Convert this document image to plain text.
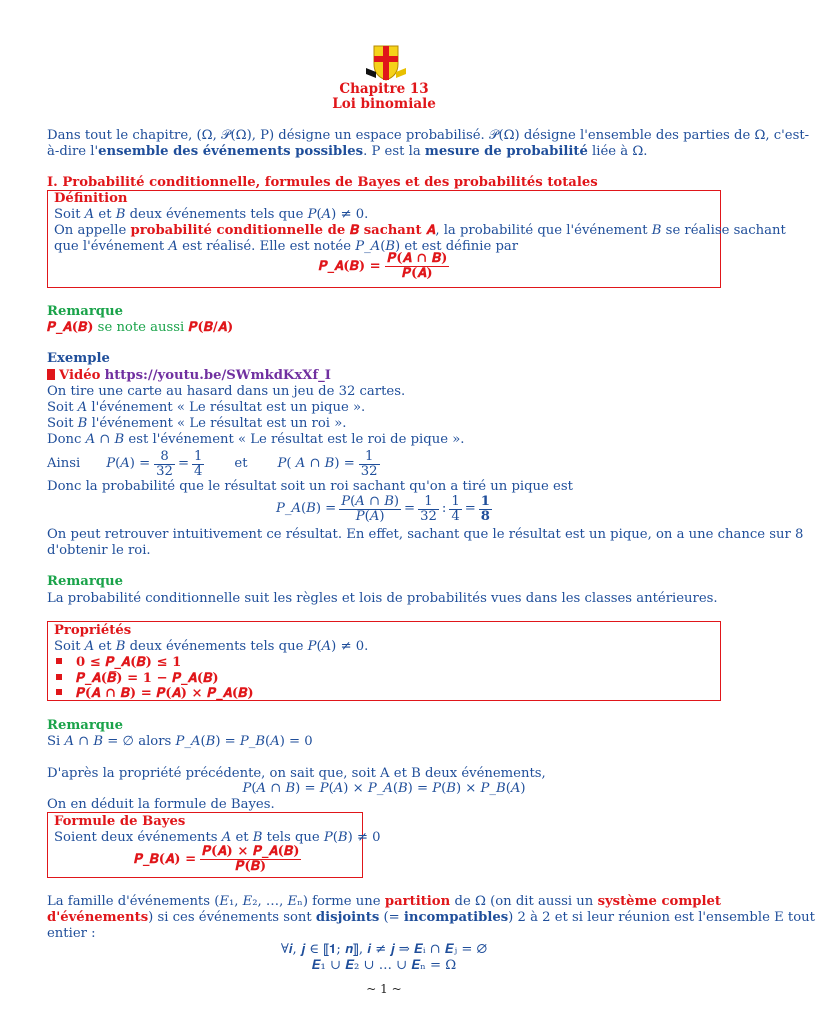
Chapitre 13
Loi binomiale
Dans tout le chapitre, (Ω, 𝒫(Ω), P) désigne un espace probabilisé. 𝒫(Ω) désigne l'ensemble des parties de Ω, c'est-
à-dire l'ensemble des événements possibles. P est la mesure de probabilité liée à Ω.
I. Probabilité conditionnelle, formules de Bayes et des probabilités totales
Définition
Soit 𝐴 et 𝐵 deux événements tels que 𝑃(𝐴) ≠ 0.
On appelle probabilité conditionnelle de 𝑩 sachant 𝑨, la probabilité que l'événement 𝐵 se réalise sachant
que l'événement 𝐴 est réalisé. Elle est notée 𝑃_𝐴(𝐵) et est définie par
𝑷_𝑨(𝑩) = $\frac{\text{𝑷(𝑨 ∩ 𝑩)}}{\text{𝑷(𝑨)}}$
Remarque
𝑷_𝑨(𝑩) se note aussi 𝑷(𝑩/𝑨)
Exemple
Vidéo https://youtu.be/SWmkdKxXf_I
On tire une carte au hasard dans un jeu de 32 cartes.
Soit 𝐴 l'événement « Le résultat est un pique ».
Soit 𝐵 l'événement « Le résultat est un roi ».
Donc 𝐴 ∩ 𝐵 est l'événement « Le résultat est le roi de pique ».
Ainsi 𝑃(𝐴) = $\frac{8}{32} = \frac{1}{4}$ et 𝑃( 𝐴 ∩ 𝐵) = $\frac{1}{32}$
Donc la probabilité que le résultat soit un roi sachant qu'on a tiré un pique est
𝑃_𝐴(𝐵) = $\frac{\text{𝑃(𝐴 ∩ 𝐵)}}{\text{𝑃(𝐴)}} = \frac{1}{32}$ : $\frac{1}{4} = \frac{𝟏}{𝟖}$
On peut retrouver intuitivement ce résultat. En effet, sachant que le résultat est un pique, on a une chance sur 8
d'obtenir le roi.
Remarque
La probabilité conditionnelle suit les règles et lois de probabilités vues dans les classes antérieures.
Propriétés
Soit 𝐴 et 𝐵 deux événements tels que 𝑃(𝐴) ≠ 0.
𝟎 ≤ 𝑷_𝑨(𝑩) ≤ 𝟏
𝑷_𝑨(𝑩̅) = 𝟏 − 𝑷_𝑨(𝑩)
𝑷(𝑨 ∩ 𝑩) = 𝑷(𝑨) × 𝑷_𝑨(𝑩)
Remarque
Si 𝐴 ∩ 𝐵 = ∅ alors 𝑃_𝐴(𝐵) = 𝑃_𝐵(𝐴) = 0
D'après la propriété précédente, on sait que, soit A et B deux événements,
𝑃(𝐴 ∩ 𝐵) = 𝑃(𝐴) × 𝑃_𝐴(𝐵) = 𝑃(𝐵) × 𝑃_𝐵(𝐴)
On en déduit la formule de Bayes.
Formule de Bayes
Soient deux événements 𝐴 et 𝐵 tels que 𝑃(𝐵) ≠ 0
𝑷_𝑩(𝑨) = $\frac{\text{𝑷(𝑨) × 𝑷\_𝑨(𝑩)}}{\text{𝑷(𝑩)}}$
La famille d'événements (𝐸₁, 𝐸₂, …, 𝐸ₙ) forme une partition de Ω (on dit aussi un système complet
d'événements) si ces événements sont disjoints (= incompatibles) 2 à 2 et si leur réunion est l'ensemble E tout
entier :
∀𝒊, 𝒋 ∈ ⟦𝟏; 𝒏⟧, 𝒊 ≠ 𝒋 ⇒ 𝑬ᵢ ∩ 𝑬ⱼ = ∅
𝑬₁ ∪ 𝑬₂ ∪ … ∪ 𝑬ₙ = Ω
~ 1 ~
